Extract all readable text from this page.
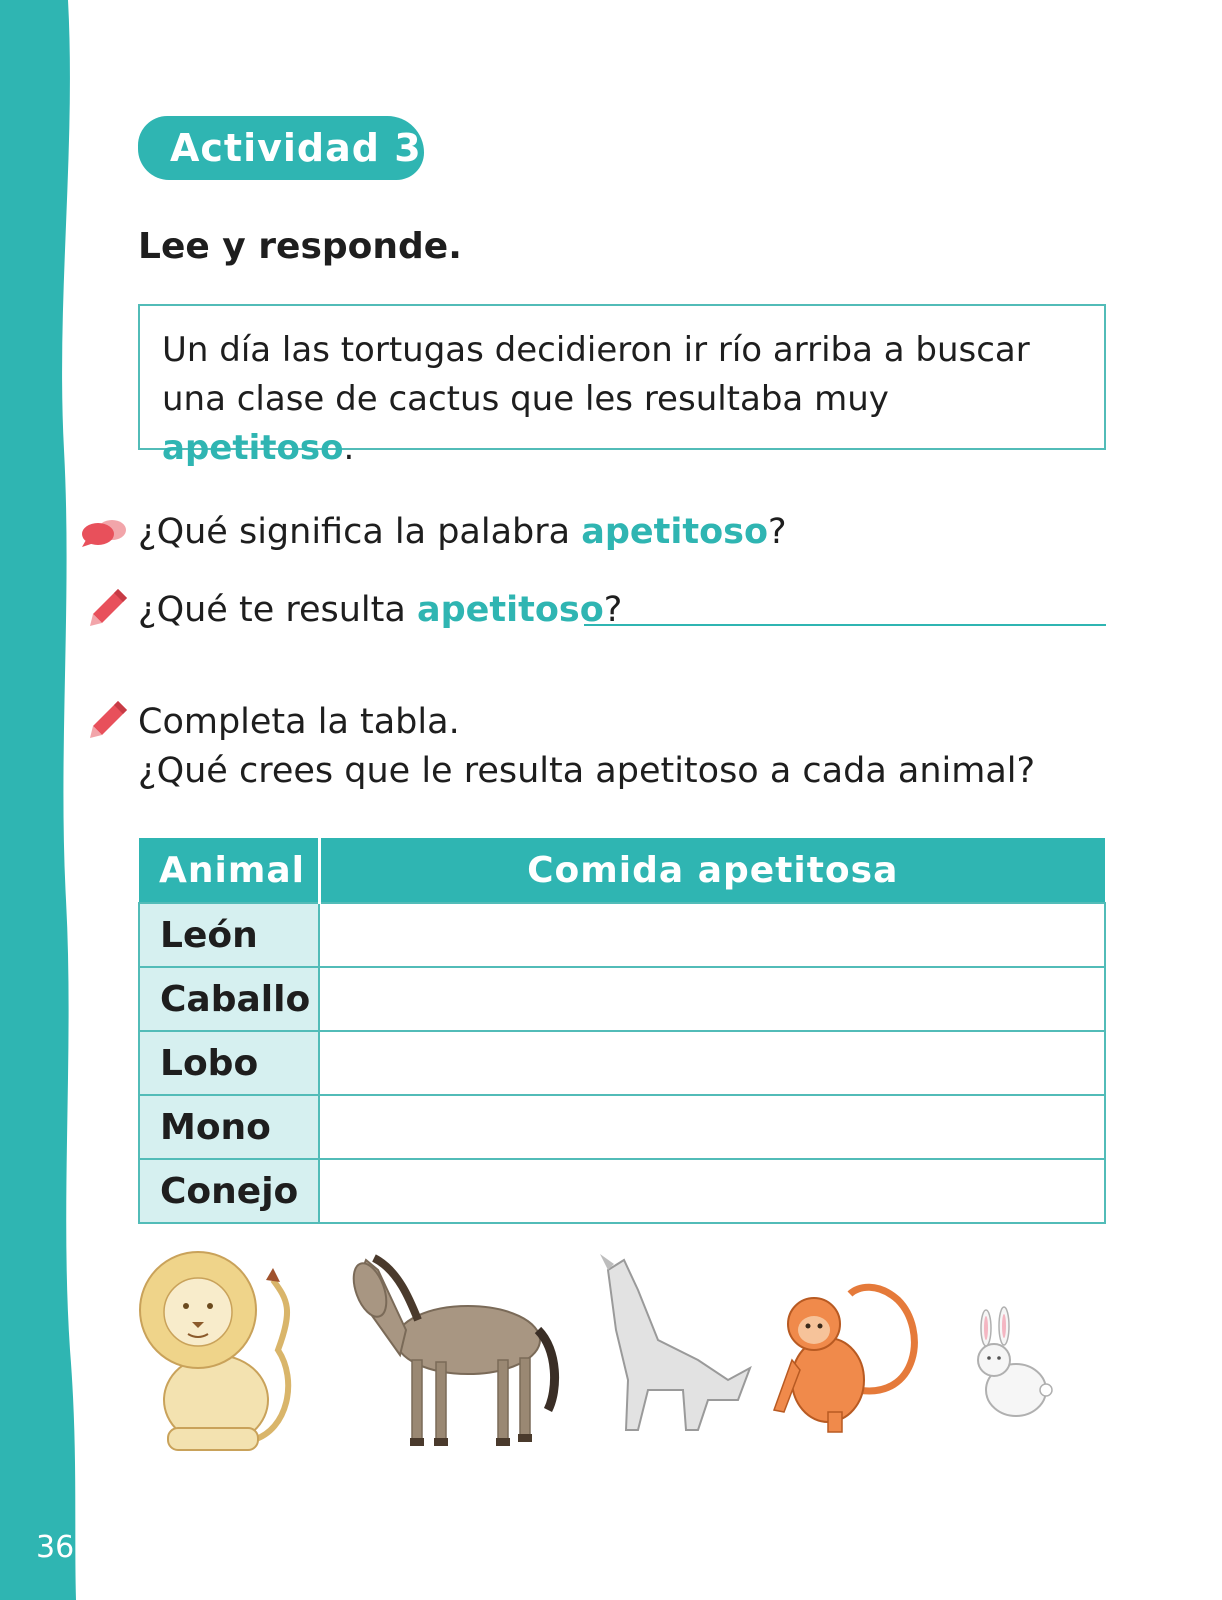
36
Actividad 3
Lee y responde.
Un día las tortugas decidieron ir río arriba a buscar una clase de cactus que les resultaba muy apetitoso.
¿Qué significa la palabra apetitoso?
¿Qué te resulta apetitoso?
Completa la tabla.
¿Qué crees que le resulta apetitoso a cada animal?
Animal	Comida apetitosa
León	
Caballo	
Lobo	
Mono	
Conejo	
